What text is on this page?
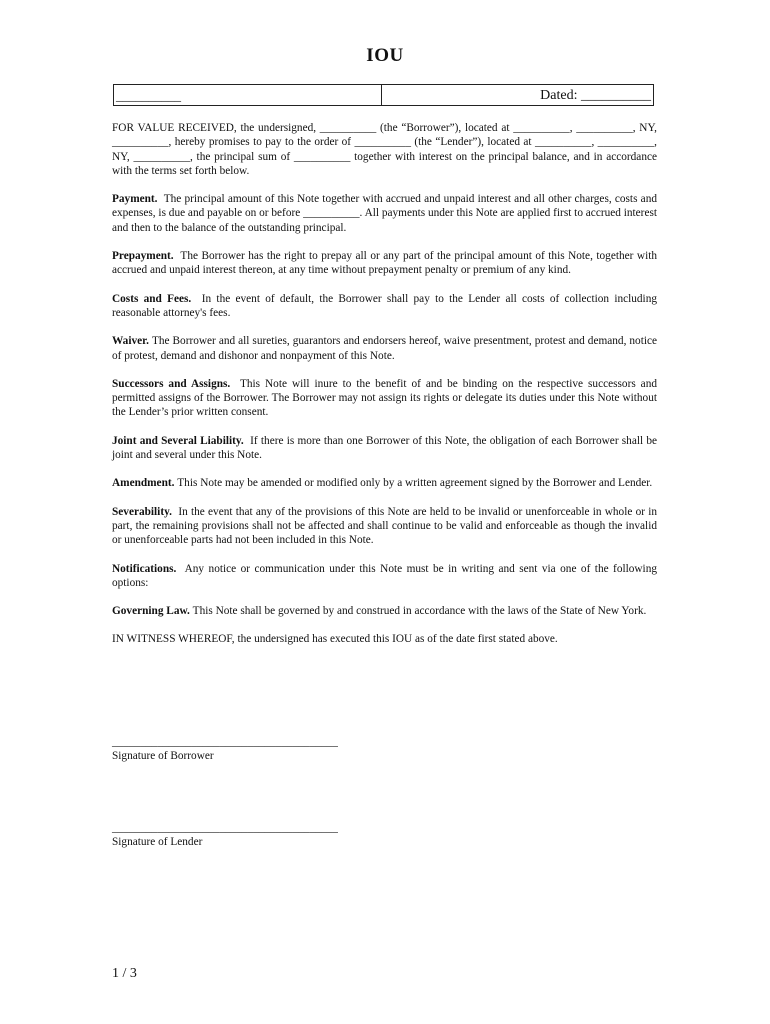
IOU
__________	Dated: __________

FOR VALUE RECEIVED, the undersigned, __________ (the “Borrower”), located at __________, __________, NY, __________, hereby promises to pay to the order of __________ (the “Lender”), located at __________, __________, NY, __________, the principal sum of __________ together with interest on the principal balance, and in accordance with the terms set forth below.

Payment. The principal amount of this Note together with accrued and unpaid interest and all other charges, costs and expenses, is due and payable on or before __________. All payments under this Note are applied first to accrued interest and then to the balance of the outstanding principal.

Prepayment. The Borrower has the right to prepay all or any part of the principal amount of this Note, together with accrued and unpaid interest thereon, at any time without prepayment penalty or premium of any kind.

Costs and Fees. In the event of default, the Borrower shall pay to the Lender all costs of collection including reasonable attorney's fees.

Waiver. The Borrower and all sureties, guarantors and endorsers hereof, waive presentment, protest and demand, notice of protest, demand and dishonor and nonpayment of this Note.

Successors and Assigns. This Note will inure to the benefit of and be binding on the respective successors and permitted assigns of the Borrower. The Borrower may not assign its rights or delegate its duties under this Note without the Lender’s prior written consent.

Joint and Several Liability. If there is more than one Borrower of this Note, the obligation of each Borrower shall be joint and several under this Note.

Amendment. This Note may be amended or modified only by a written agreement signed by the Borrower and Lender.

Severability. In the event that any of the provisions of this Note are held to be invalid or unenforceable in whole or in part, the remaining provisions shall not be affected and shall continue to be valid and enforceable as though the invalid or unenforceable parts had not been included in this Note.

Notifications. Any notice or communication under this Note must be in writing and sent via one of the following options:

Governing Law. This Note shall be governed by and construed in accordance with the laws of the State of New York.

IN WITNESS WHEREOF, the undersigned has executed this IOU as of the date first stated above.

________________________________________
Signature of Borrower
________________________________________
Signature of Lender
1 / 3
